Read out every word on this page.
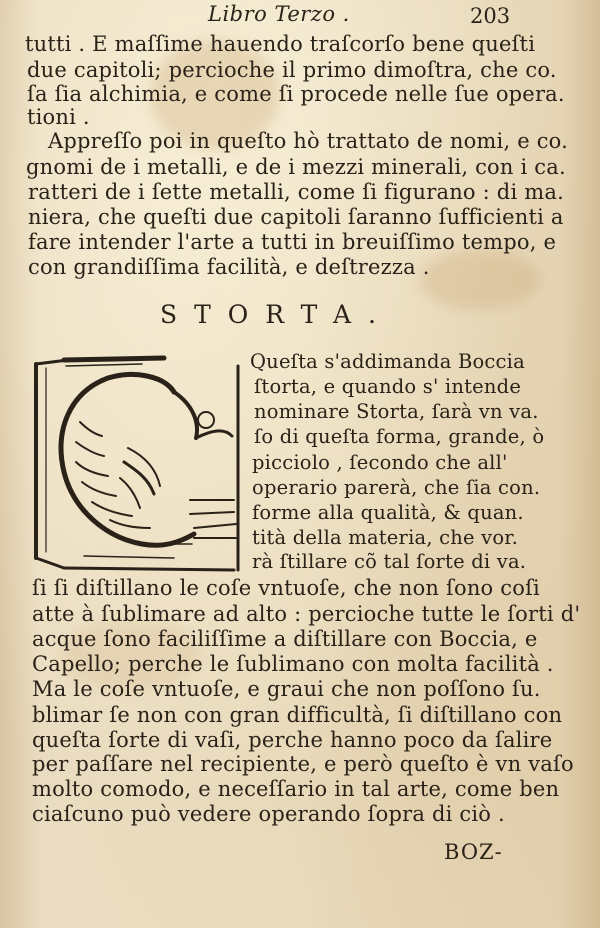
Libro Terzo .	203
tutti . E maſſime hauendo traſcorſo bene queſti
due capitoli; percioche il primo dimoſtra, che co.
ſa ſia alchimia, e come ſi procede nelle ſue opera.
tioni .
Appreſſo poi in queſto hò trattato de nomi, e co.
gnomi de i metalli, e de i mezzi minerali, con i ca.
ratteri de i ſette metalli, come ſi figurano : di ma.
niera, che queſti due capitoli ſaranno ſufficienti a
fare intender l'arte a tutti in breuiſſimo tempo, e
con grandiſſima facilità, e deſtrezza .
STORTA.
Queſta s'addimanda Boccia
ſtorta, e quando s' intende
nominare Storta, ſarà vn va.
ſo di queſta forma, grande, ò
picciolo , ſecondo che all'
operario parerà, che ſia con.
forme alla qualità, & quan.
tità della materia, che vor.
rà ſtillare cõ tal ſorte di va.
ſi ſi diſtillano le coſe vntuoſe, che non ſono coſi
atte à ſublimare ad alto : percioche tutte le ſorti d'
acque ſono faciliſſime a diſtillare con Boccia, e
Capello; perche le ſublimano con molta facilità .
Ma le coſe vntuoſe, e graui che non poſſono ſu.
blimar ſe non con gran difficultà, ſi diſtillano con
queſta ſorte di vaſi, perche hanno poco da ſalire
per paſſare nel recipiente, e però queſto è vn vaſo
molto comodo, e neceſſario in tal arte, come ben
ciaſcuno può vedere operando ſopra di ciò .
BOZ-
